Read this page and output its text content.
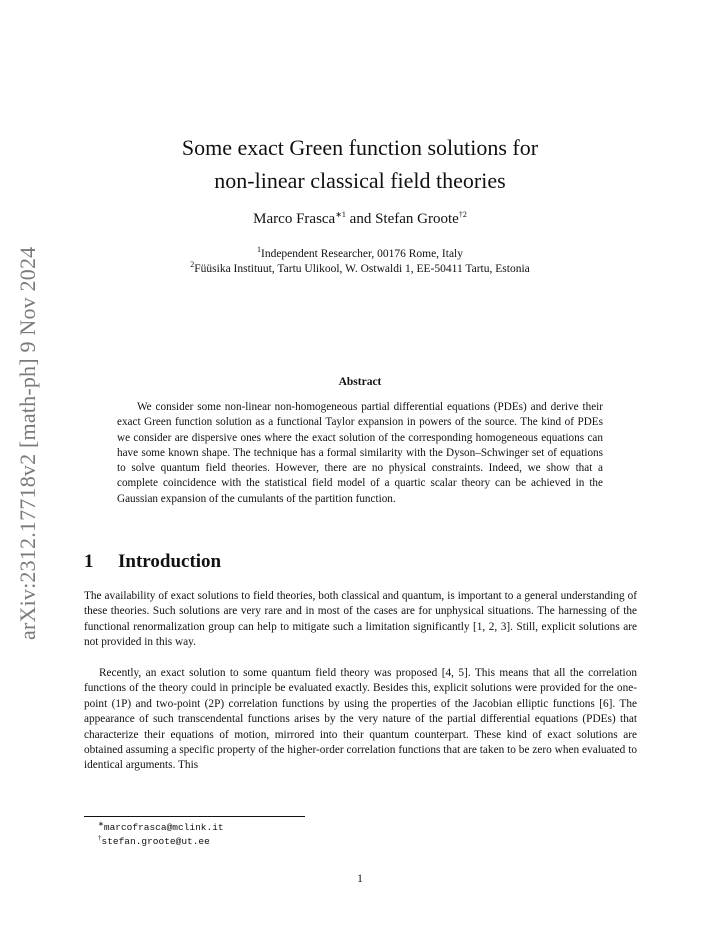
arXiv:2312.17718v2 [math-ph] 9 Nov 2024
Some exact Green function solutions for
non-linear classical field theories
Marco Frasca$^{∗1}$ and Stefan Groote$^{\dagger 2}$
$^1$Independent Researcher, 00176 Rome, Italy
$^2$Füüsika Instituut, Tartu Ulikool, W. Ostwaldi 1, EE-50411 Tartu, Estonia
Abstract
We consider some non-linear non-homogeneous partial differential equations (PDEs) and derive their exact Green function solution as a functional Taylor expansion in powers of the source. The kind of PDEs we consider are dispersive ones where the exact solution of the corresponding homogeneous equations can have some known shape. The technique has a formal similarity with the Dyson–Schwinger set of equations to solve quantum field theories. However, there are no physical constraints. Indeed, we show that a complete coincidence with the statistical field model of a quartic scalar theory can be achieved in the Gaussian expansion of the cumulants of the partition function.
1 Introduction
The availability of exact solutions to field theories, both classical and quantum, is important to a general understanding of these theories. Such solutions are very rare and in most of the cases are for unphysical situations. The harnessing of the functional renormalization group can help to mitigate such a limitation significantly [1, 2, 3]. Still, explicit solutions are not provided in this way.
Recently, an exact solution to some quantum field theory was proposed [4, 5]. This means that all the correlation functions of the theory could in principle be evaluated exactly. Besides this, explicit solutions were provided for the one-point (1P) and two-point (2P) correlation functions by using the properties of the Jacobian elliptic functions [6]. The appearance of such transcendental functions arises by the very nature of the partial differential equations (PDEs) that characterize their equations of motion, mirrored into their quantum counterpart. These kind of exact solutions are obtained assuming a specific property of the higher-order correlation functions that are taken to be zero when evaluated to identical arguments. This
∗marcofrasca@mclink.it
†stefan.groote@ut.ee
1
